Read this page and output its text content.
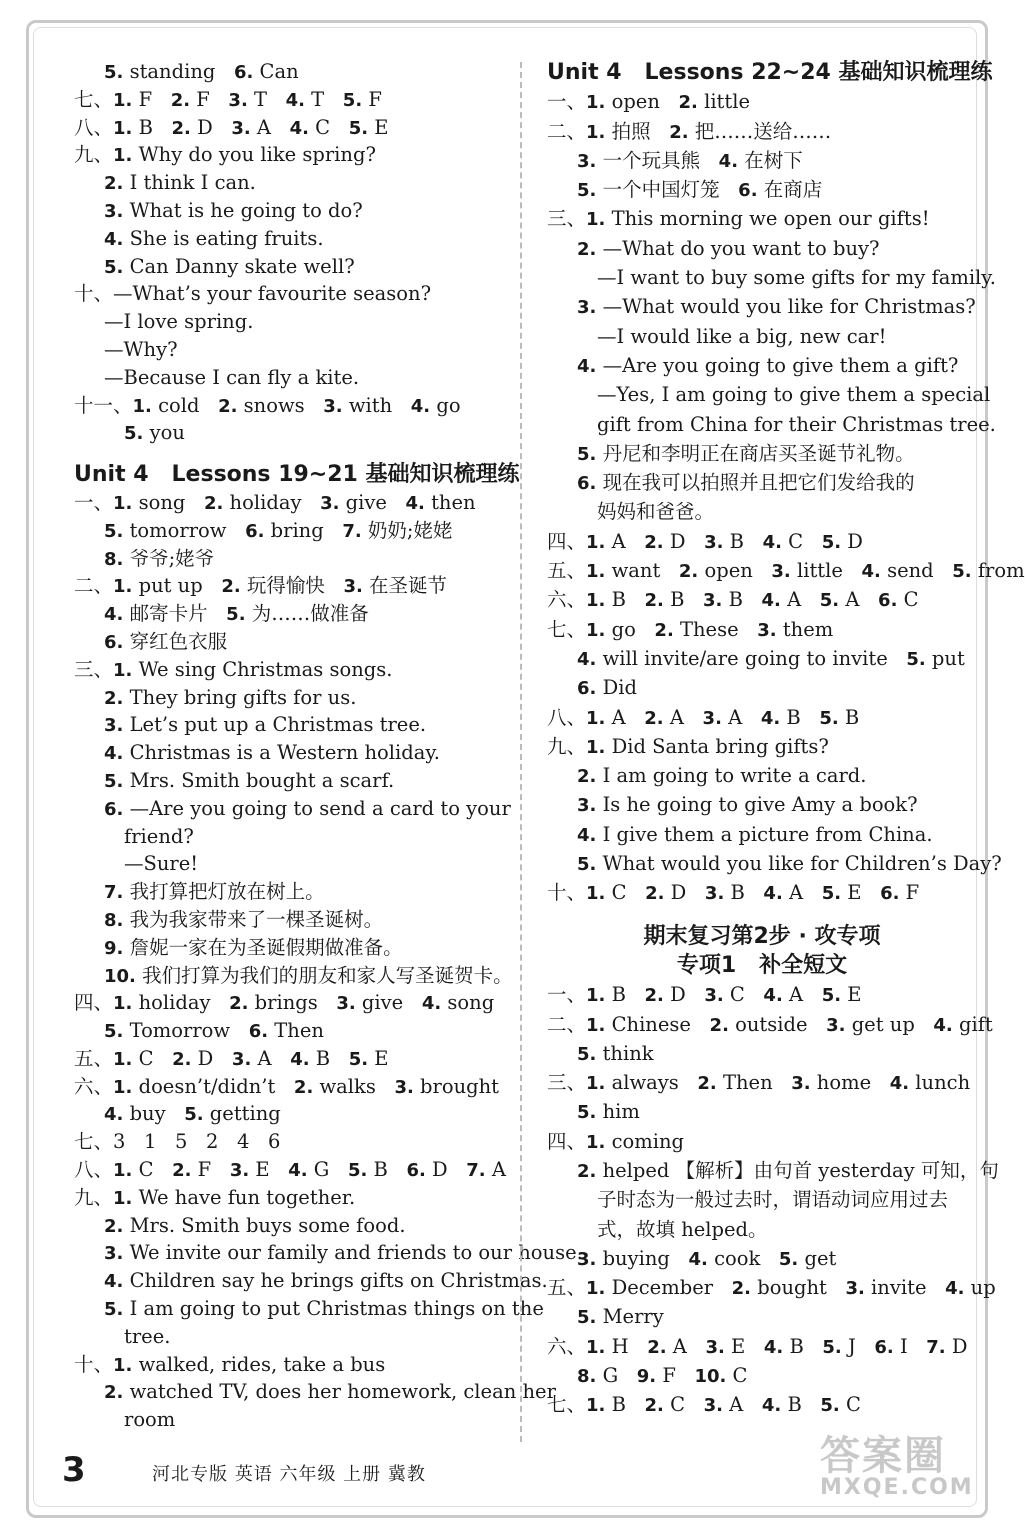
5. standing   6. Can
七、1. F   2. F   3. T   4. T   5. F
八、1. B   2. D   3. A   4. C   5. E
九、1. Why do you like spring?
2. I think I can.
3. What is he going to do?
4. She is eating fruits.
5. Can Danny skate well?
十、—What’s your favourite season?
—I love spring.
—Why?
—Because I can fly a kite.
十一、1. cold   2. snows   3. with   4. go
5. you
Unit 4   Lessons 19~21 基础知识梳理练
一、1. song   2. holiday   3. give   4. then
5. tomorrow   6. bring   7. 奶奶;姥姥
8. 爷爷;姥爷
二、1. put up   2. 玩得愉快   3. 在圣诞节
4. 邮寄卡片   5. 为……做准备
6. 穿红色衣服
三、1. We sing Christmas songs.
2. They bring gifts for us.
3. Let’s put up a Christmas tree.
4. Christmas is a Western holiday.
5. Mrs. Smith bought a scarf.
6. —Are you going to send a card to your
friend?
—Sure!
7. 我打算把灯放在树上。
8. 我为我家带来了一棵圣诞树。
9. 詹妮一家在为圣诞假期做准备。
10. 我们打算为我们的朋友和家人写圣诞贺卡。
四、1. holiday   2. brings   3. give   4. song
5. Tomorrow   6. Then
五、1. C   2. D   3. A   4. B   5. E
六、1. doesn’t/didn’t   2. walks   3. brought
4. buy   5. getting
七、3   1   5   2   4   6
八、1. C   2. F   3. E   4. G   5. B   6. D   7. A
九、1. We have fun together.
2. Mrs. Smith buys some food.
3. We invite our family and friends to our house.
4. Children say he brings gifts on Christmas.
5. I am going to put Christmas things on the
tree.
十、1. walked, rides, take a bus
2. watched TV, does her homework, clean her
room
Unit 4   Lessons 22~24 基础知识梳理练
一、1. open   2. little
二、1. 拍照   2. 把……送给……
3. 一个玩具熊   4. 在树下
5. 一个中国灯笼   6. 在商店
三、1. This morning we open our gifts!
2. —What do you want to buy?
—I want to buy some gifts for my family.
3. —What would you like for Christmas?
—I would like a big, new car!
4. —Are you going to give them a gift?
—Yes, I am going to give them a special
gift from China for their Christmas tree.
5. 丹尼和李明正在商店买圣诞节礼物。
6. 现在我可以拍照并且把它们发给我的
妈妈和爸爸。
四、1. A   2. D   3. B   4. C   5. D
五、1. want   2. open   3. little   4. send   5. from
六、1. B   2. B   3. B   4. A   5. A   6. C
七、1. go   2. These   3. them
4. will invite/are going to invite   5. put
6. Did
八、1. A   2. A   3. A   4. B   5. B
九、1. Did Santa bring gifts?
2. I am going to write a card.
3. Is he going to give Amy a book?
4. I give them a picture from China.
5. What would you like for Children’s Day?
十、1. C   2. D   3. B   4. A   5. E   6. F
期末复习第2步 · 攻专项
专项1   补全短文
一、1. B   2. D   3. C   4. A   5. E
二、1. Chinese   2. outside   3. get up   4. gift
5. think
三、1. always   2. Then   3. home   4. lunch
5. him
四、1. coming
2. helped 【解析】由句首 yesterday 可知，句
子时态为一般过去时，谓语动词应用过去
式，故填 helped。
3. buying   4. cook   5. get
五、1. December   2. bought   3. invite   4. up
5. Merry
六、1. H   2. A   3. E   4. B   5. J   6. I   7. D
8. G   9. F   10. C
七、1. B   2. C   3. A   4. B   5. C
3	河北专版 英语 六年级 上册 冀教	答案圈
MXQE.COM
